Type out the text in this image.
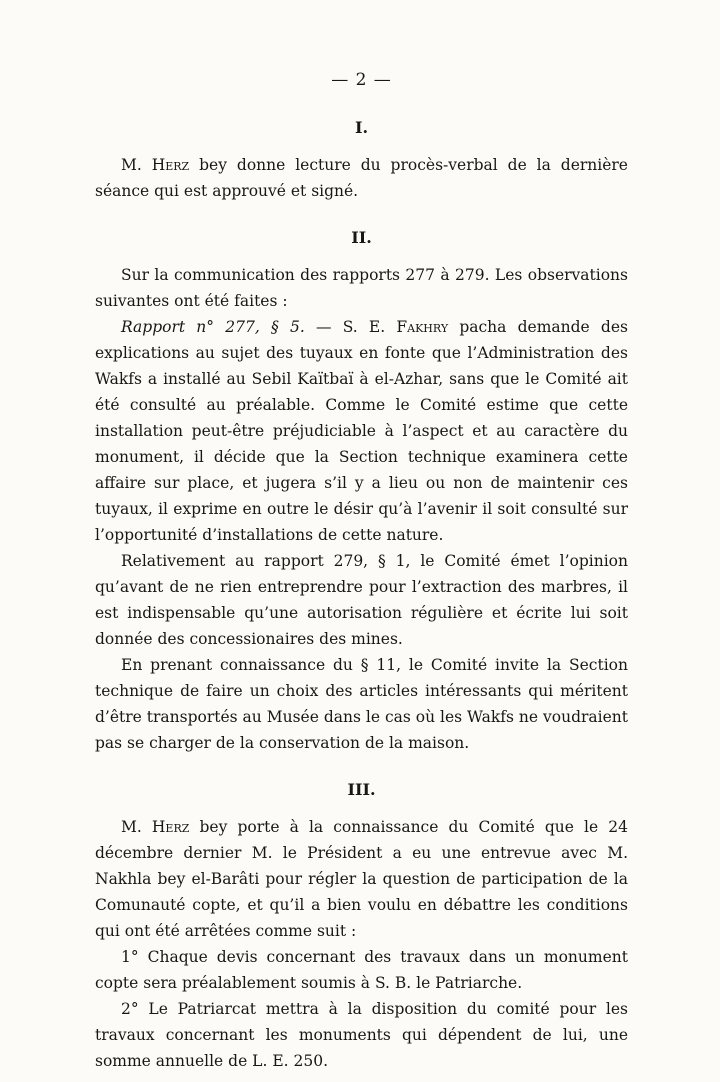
— 2 —
I.

M. Herz bey donne lecture du procès-verbal de la dernière séance qui est approuvé et signé.

II.

Sur la communication des rapports 277 à 279. Les observations suivantes ont été faites :

Rapport n° 277, § 5. — S. E. Fakhry pacha demande des explications au sujet des tuyaux en fonte que l’Administration des Wakfs a installé au Sebil Kaïtbaï à el-Azhar, sans que le Comité ait été consulté au préalable. Comme le Comité estime que cette installation peut-être préjudiciable à l’aspect et au caractère du monument, il décide que la Section technique examinera cette affaire sur place, et jugera s’il y a lieu ou non de maintenir ces tuyaux, il exprime en outre le désir qu’à l’avenir il soit consulté sur l’opportunité d’installations de cette nature.

Relativement au rapport 279, § 1, le Comité émet l’opinion qu’avant de ne rien entreprendre pour l’extraction des marbres, il est indispensable qu’une autorisation régulière et écrite lui soit donnée des concessionaires des mines.

En prenant connaissance du § 11, le Comité invite la Section technique de faire un choix des articles intéressants qui méritent d’être transportés au Musée dans le cas où les Wakfs ne voudraient pas se charger de la conservation de la maison.

III.

M. Herz bey porte à la connaissance du Comité que le 24 décembre dernier M. le Président a eu une entrevue avec M. Nakhla bey el-Barâti pour régler la question de participation de la Comunauté copte, et qu’il a bien voulu en débattre les conditions qui ont été arrêtées comme suit :

1° Chaque devis concernant des travaux dans un monument copte sera préalablement soumis à S. B. le Patriarche.

2° Le Patriarcat mettra à la disposition du comité pour les travaux concernant les monuments qui dépendent de lui, une somme annuelle de L. E. 250.
